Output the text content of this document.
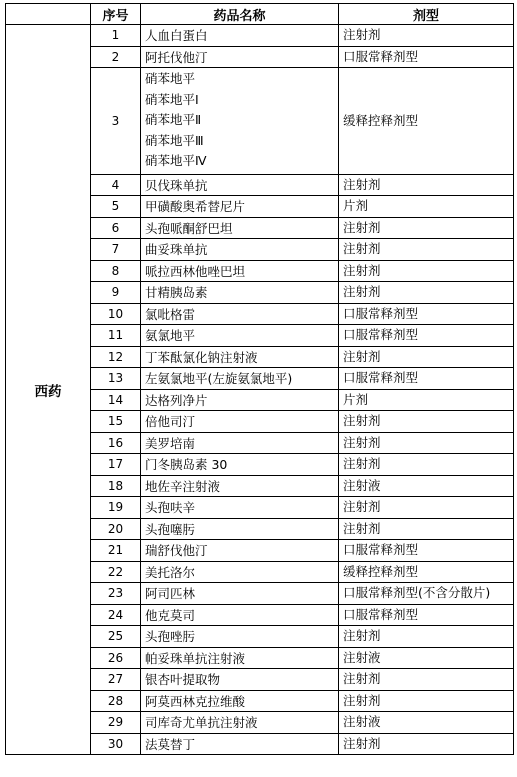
	序号	药品名称	剂型
西药	1	人血白蛋白	注射剂
	2	阿托伐他汀	口服常释剂型
	3	硝苯地平
硝苯地平Ⅰ
硝苯地平Ⅱ
硝苯地平Ⅲ
硝苯地平Ⅳ	缓释控释剂型
	4	贝伐珠单抗	注射剂
	5	甲磺酸奥希替尼片	片剂
	6	头孢哌酮舒巴坦	注射剂
	7	曲妥珠单抗	注射剂
	8	哌拉西林他唑巴坦	注射剂
	9	甘精胰岛素	注射剂
	10	氯吡格雷	口服常释剂型
	11	氨氯地平	口服常释剂型
	12	丁苯酞氯化钠注射液	注射剂
	13	左氨氯地平(左旋氨氯地平)	口服常释剂型
	14	达格列净片	片剂
	15	倍他司汀	注射剂
	16	美罗培南	注射剂
	17	门冬胰岛素 30	注射剂
	18	地佐辛注射液	注射液
	19	头孢呋辛	注射剂
	20	头孢噻肟	注射剂
	21	瑞舒伐他汀	口服常释剂型
	22	美托洛尔	缓释控释剂型
	23	阿司匹林	口服常释剂型(不含分散片)
	24	他克莫司	口服常释剂型
	25	头孢唑肟	注射剂
	26	帕妥珠单抗注射液	注射液
	27	银杏叶提取物	注射剂
	28	阿莫西林克拉维酸	注射剂
	29	司库奇尤单抗注射液	注射液
	30	法莫替丁	注射剂
